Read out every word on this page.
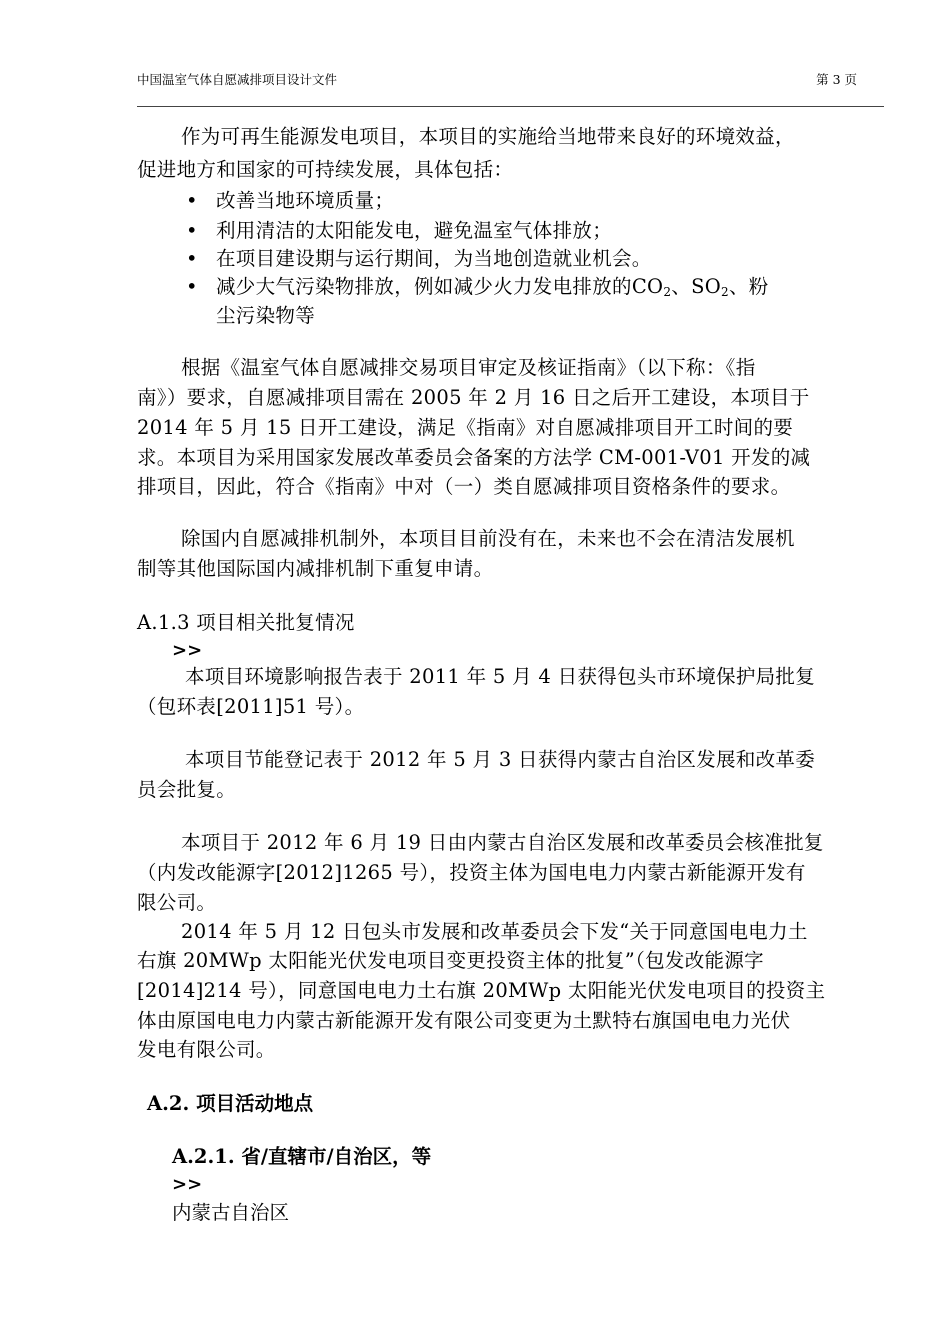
中国温室气体自愿减排项目设计文件	第 3 页
作为可再生能源发电项目，本项目的实施给当地带来良好的环境效益，
促进地方和国家的可持续发展，具体包括：
• 改善当地环境质量；
• 利用清洁的太阳能发电，避免温室气体排放；
• 在项目建设期与运行期间，为当地创造就业机会。
• 减少大气污染物排放，例如减少火力发电排放的$CO_2$、$SO_2$、粉
尘污染物等
根据《温室气体自愿减排交易项目审定及核证指南》（以下称：《指
南》）要求，自愿减排项目需在 2005 年 2 月 16 日之后开工建设，本项目于
2014 年 5 月 15 日开工建设，满足《指南》对自愿减排项目开工时间的要
求。本项目为采用国家发展改革委员会备案的方法学 CM-001-V01 开发的减
排项目，因此，符合《指南》中对（一）类自愿减排项目资格条件的要求。
除国内自愿减排机制外，本项目目前没有在，未来也不会在清洁发展机
制等其他国际国内减排机制下重复申请。
A.1.3 项目相关批复情况
>>
本项目环境影响报告表于 2011 年 5 月 4 日获得包头市环境保护局批复
（包环表[2011]51 号）。
本项目节能登记表于 2012 年 5 月 3 日获得内蒙古自治区发展和改革委
员会批复。
本项目于 2012 年 6 月 19 日由内蒙古自治区发展和改革委员会核准批复
（内发改能源字[2012]1265 号），投资主体为国电电力内蒙古新能源开发有
限公司。
2014 年 5 月 12 日包头市发展和改革委员会下发“关于同意国电电力土
右旗 20MWp 太阳能光伏发电项目变更投资主体的批复”（包发改能源字
[2014]214 号），同意国电电力土右旗 20MWp 太阳能光伏发电项目的投资主
体由原国电电力内蒙古新能源开发有限公司变更为土默特右旗国电电力光伏
发电有限公司。
A.2. 项目活动地点
A.2.1. 省/直辖市/自治区，等
>>
内蒙古自治区
